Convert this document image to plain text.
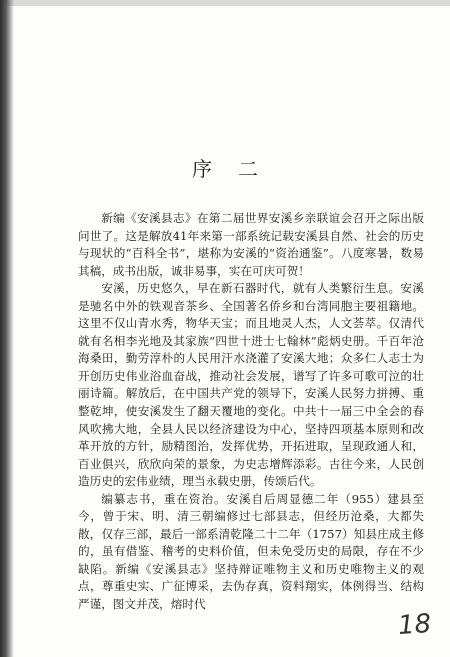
序二

新编《安溪县志》在第二届世界安溪乡亲联谊会召开之际出版问世了。这是解放41年来第一部系统记载安溪县自然、社会的历史与现状的“百科全书”，堪称为安溪的“资治通鉴”。八度寒暑，数易其稿，成书出版，诚非易事，实在可庆可贺！

安溪，历史悠久，早在新石器时代，就有人类繁衍生息。安溪是驰名中外的铁观音茶乡、全国著名侨乡和台湾同胞主要祖籍地。这里不仅山青水秀，物华天宝；而且地灵人杰，人文荟萃。仅清代就有名相李光地及其家族“四世十进士七翰林”彪炳史册。千百年沧海桑田，勤劳淳朴的人民用汗水浇灌了安溪大地；众多仁人志士为开创历史伟业浴血奋战，推动社会发展，谱写了许多可歌可泣的壮丽诗篇。解放后，在中国共产党的领导下，安溪人民努力拼搏、重整乾坤，使安溪发生了翻天覆地的变化。中共十一届三中全会的春风吹拂大地，全县人民以经济建设为中心，坚持四项基本原则和改革开放的方针，励精图治，发挥优势，开拓进取，呈现政通人和，百业俱兴，欣欣向荣的景象，为史志增辉添彩。古往今来，人民创造历史的宏伟业绩，理当永载史册，传颂后代。

编纂志书，重在资治。安溪自后周显德二年（955）建县至今，曾于宋、明、清三朝编修过七部县志，但经历沧桑，大都失散，仅存三部，最后一部系清乾隆二十二年（1757）知县庄成主修的，虽有借鉴、稽考的史料价值，但未免受历史的局限，存在不少缺陷。新编《安溪县志》坚持辩证唯物主义和历史唯物主义的观点，尊重史实、广征博采，去伪存真，资料翔实，体例得当、结构严谨，图文并茂，熔时代

18
